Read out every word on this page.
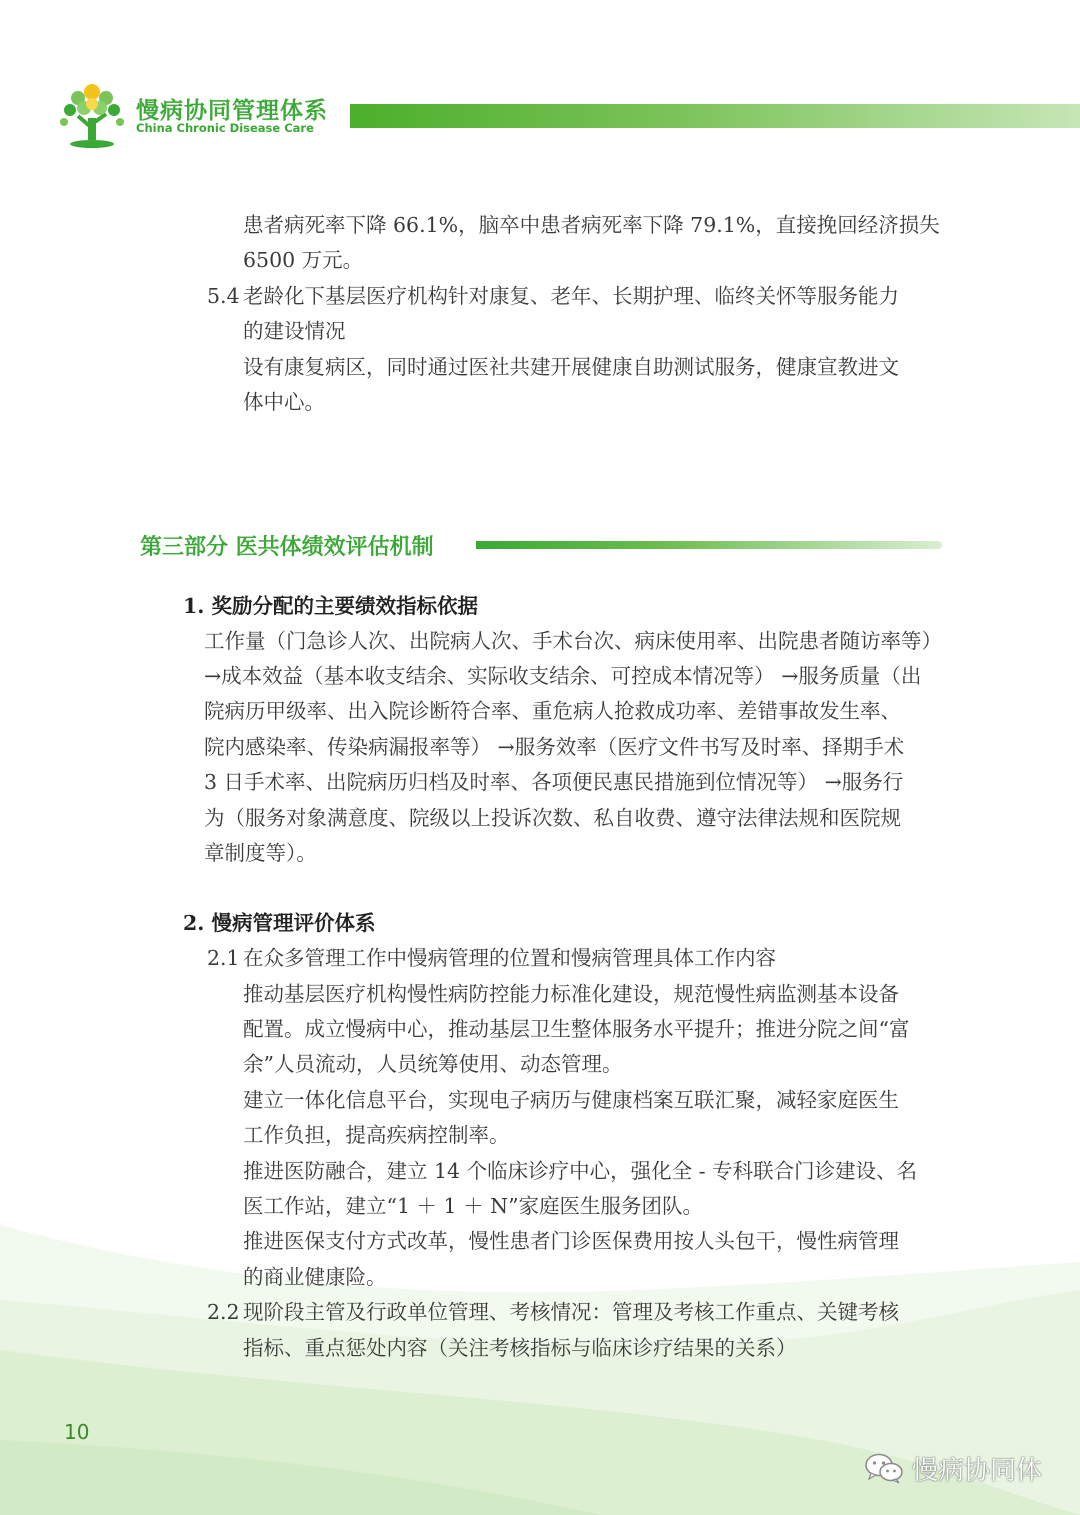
慢病协同管理体系
China Chronic Disease Care
患者病死率下降 66.1%，脑卒中患者病死率下降 79.1%，直接挽回经济损失
6500 万元。
5.4 老龄化下基层医疗机构针对康复、老年、长期护理、临终关怀等服务能力
的建设情况
设有康复病区，同时通过医社共建开展健康自助测试服务，健康宣教进文
体中心。
第三部分 医共体绩效评估机制
1. 奖励分配的主要绩效指标依据
工作量（门急诊人次、出院病人次、手术台次、病床使用率、出院患者随访率等）
→成本效益（基本收支结余、实际收支结余、可控成本情况等） →服务质量（出
院病历甲级率、出入院诊断符合率、重危病人抢救成功率、差错事故发生率、
院内感染率、传染病漏报率等） →服务效率（医疗文件书写及时率、择期手术
3 日手术率、出院病历归档及时率、各项便民惠民措施到位情况等） →服务行
为（服务对象满意度、院级以上投诉次数、私自收费、遵守法律法规和医院规
章制度等）。
2. 慢病管理评价体系
2.1 在众多管理工作中慢病管理的位置和慢病管理具体工作内容
推动基层医疗机构慢性病防控能力标准化建设，规范慢性病监测基本设备
配置。成立慢病中心，推动基层卫生整体服务水平提升；推进分院之间“富
余”人员流动，人员统筹使用、动态管理。
建立一体化信息平台，实现电子病历与健康档案互联汇聚，减轻家庭医生
工作负担，提高疾病控制率。
推进医防融合，建立 14 个临床诊疗中心，强化全 - 专科联合门诊建设、名
医工作站，建立“1 ＋ 1 ＋ N”家庭医生服务团队。
推进医保支付方式改革，慢性患者门诊医保费用按人头包干，慢性病管理
的商业健康险。
2.2 现阶段主管及行政单位管理、考核情况：管理及考核工作重点、关键考核
指标、重点惩处内容（关注考核指标与临床诊疗结果的关系）
10
慢病协同体
